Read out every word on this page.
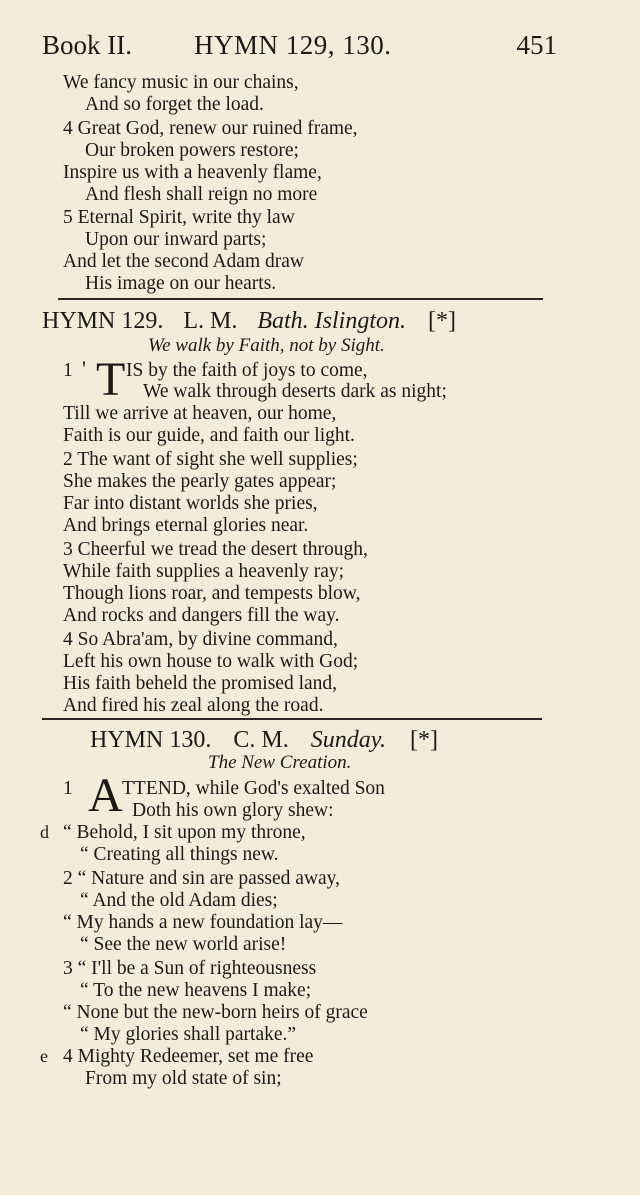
Book II. HYMN 129, 130.	451
We fancy music in our chains,
And so forget the load.
4 Great God, renew our ruined frame,
Our broken powers restore;
Inspire us with a heavenly flame,
And flesh shall reign no more
5 Eternal Spirit, write thy law
Upon our inward parts;
And let the second Adam draw
His image on our hearts.
HYMN 129. L. M. Bath. Islington. [*]
We walk by Faith, not by Sight.
1 ' T IS by the faith of joys to come,
We walk through deserts dark as night;
Till we arrive at heaven, our home,
Faith is our guide, and faith our light.
2 The want of sight she well supplies;
She makes the pearly gates appear;
Far into distant worlds she pries,
And brings eternal glories near.
3 Cheerful we tread the desert through,
While faith supplies a heavenly ray;
Though lions roar, and tempests blow,
And rocks and dangers fill the way.
4 So Abra'am, by divine command,
Left his own house to walk with God;
His faith beheld the promised land,
And fired his zeal along the road.
HYMN 130. C. M. Sunday. [*]
The New Creation.
1 A TTEND, while God's exalted Son
Doth his own glory shew:
d “ Behold, I sit upon my throne,
“ Creating all things new.
2 “ Nature and sin are passed away,
“ And the old Adam dies;
“ My hands a new foundation lay—
“ See the new world arise!
3 “ I'll be a Sun of righteousness
“ To the new heavens I make;
“ None but the new-born heirs of grace
“ My glories shall partake.”
e 4 Mighty Redeemer, set me free
From my old state of sin;
